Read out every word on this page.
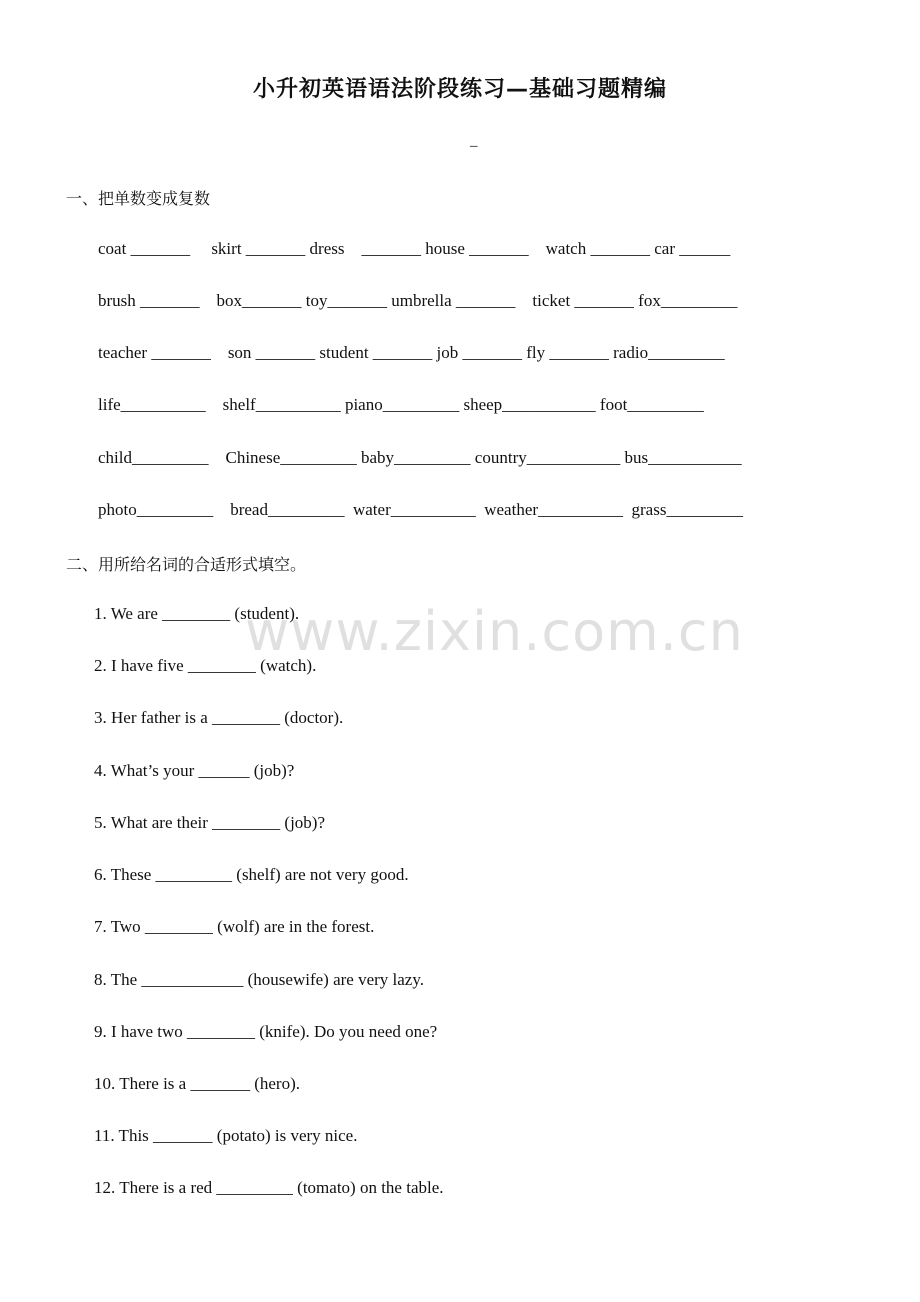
小升初英语语法阶段练习—基础习题精编
–
一、把单数变成复数
coat _______     skirt _______ dress    _______ house _______    watch _______ car ______
brush _______    box_______ toy_______ umbrella _______    ticket _______ fox_________
teacher _______    son _______ student _______ job _______ fly _______ radio_________
life__________    shelf__________ piano_________ sheep___________ foot_________
child_________    Chinese_________ baby_________ country___________ bus___________
photo_________    bread_________  water__________  weather__________  grass_________
二、用所给名词的合适形式填空。
1. We are ________ (student).
2. I have five ________ (watch).
3. Her father is a ________ (doctor).
4. What’s your ______ (job)?
5. What are their ________ (job)?
6. These _________ (shelf) are not very good.
7. Two ________ (wolf) are in the forest.
8. The ____________ (housewife) are very lazy.
9. I have two ________ (knife). Do you need one?
10. There is a _______ (hero).
11. This _______ (potato) is very nice.
12. There is a red _________ (tomato) on the table.
www.zixin.com.cn
